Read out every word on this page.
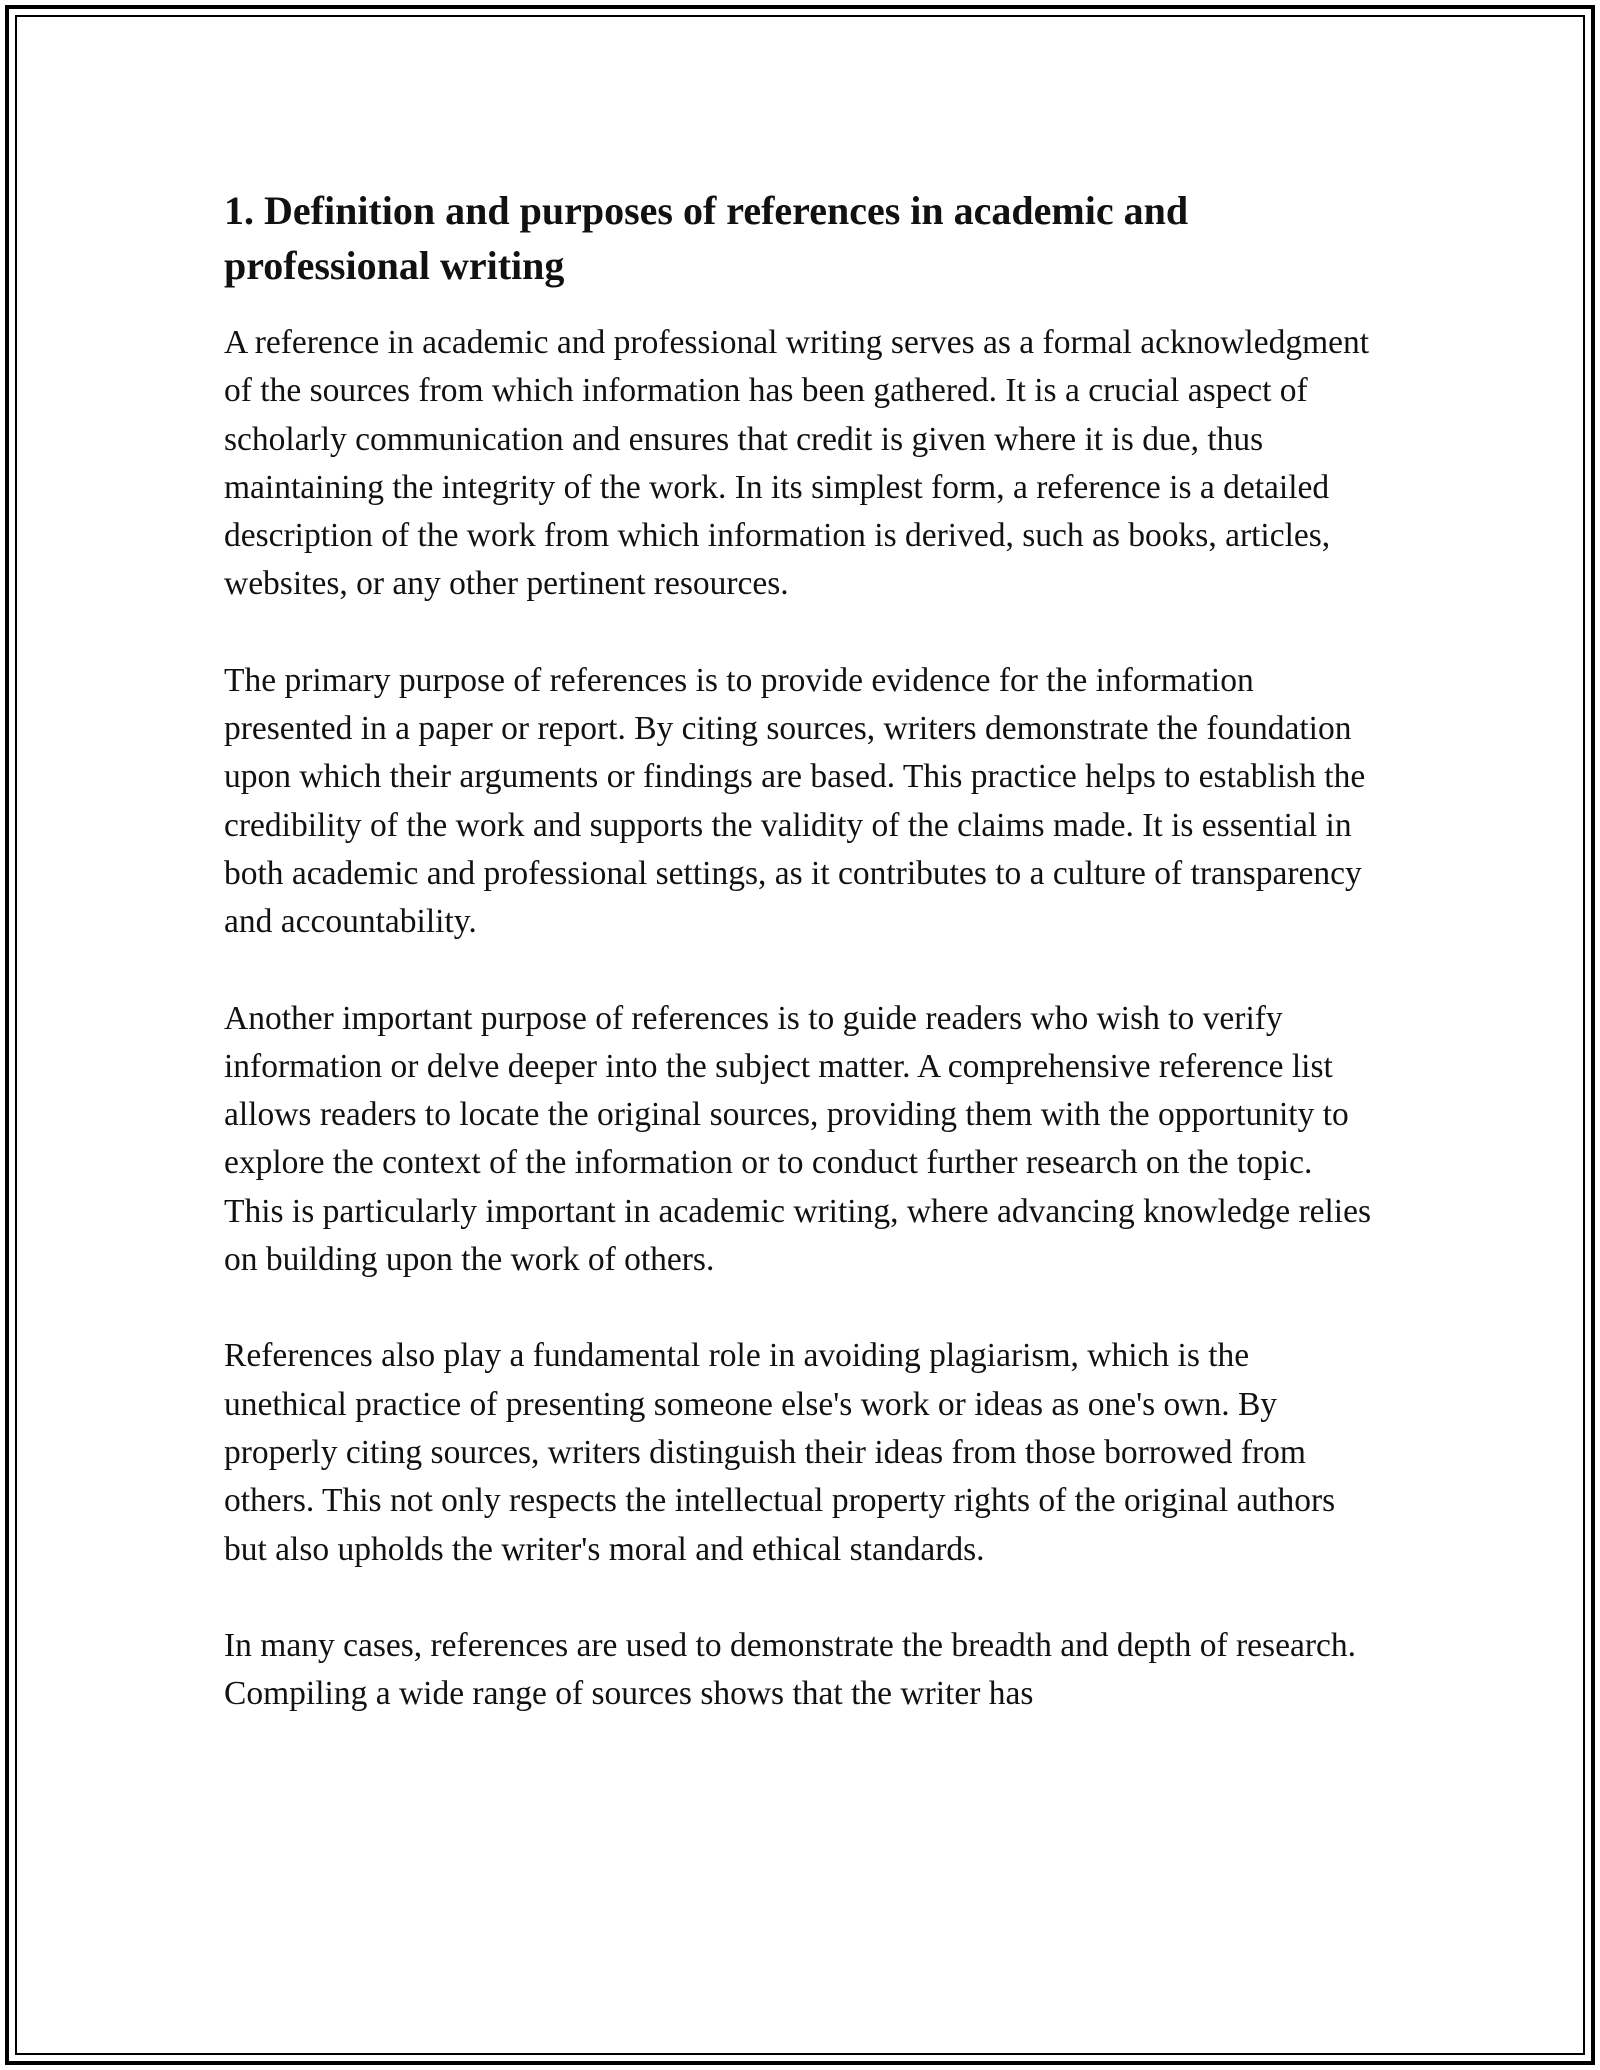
1. Definition and purposes of references in academic and professional writing

A reference in academic and professional writing serves as a formal acknowledgment of the sources from which information has been gathered. It is a crucial aspect of scholarly communication and ensures that credit is given where it is due, thus maintaining the integrity of the work. In its simplest form, a reference is a detailed description of the work from which information is derived, such as books, articles, websites, or any other pertinent resources.

The primary purpose of references is to provide evidence for the information presented in a paper or report. By citing sources, writers demonstrate the foundation upon which their arguments or findings are based. This practice helps to establish the credibility of the work and supports the validity of the claims made. It is essential in both academic and professional settings, as it contributes to a culture of transparency and accountability.

Another important purpose of references is to guide readers who wish to verify information or delve deeper into the subject matter. A comprehensive reference list allows readers to locate the original sources, providing them with the opportunity to explore the context of the information or to conduct further research on the topic. This is particularly important in academic writing, where advancing knowledge relies on building upon the work of others.

References also play a fundamental role in avoiding plagiarism, which is the unethical practice of presenting someone else's work or ideas as one's own. By properly citing sources, writers distinguish their ideas from those borrowed from others. This not only respects the intellectual property rights of the original authors but also upholds the writer's moral and ethical standards.

In many cases, references are used to demonstrate the breadth and depth of research. Compiling a wide range of sources shows that the writer has
